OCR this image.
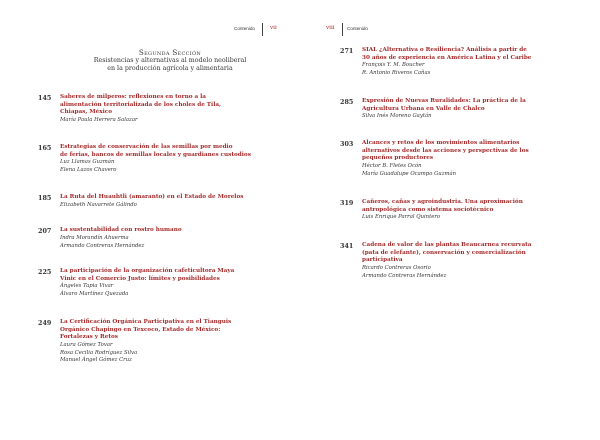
Contenido	vii
Segunda Sección
Resistencias y alternativas al modelo neoliberal
en la producción agrícola y alimentaria
145 Saberes de milperos: reflexiones en torno a la
alimentación territorializada de los choles de Tila,
Chiapas, México
María Paula Herrera Salazar
165 Estrategias de conservación de las semillas por medio
de ferias, bancos de semillas locales y guardianes custodios
Luz Llamas Guzmán
Elena Lazos Chavero
185 La Ruta del Huauhtli (amaranto) en el Estado de Morelos
Elizabeth Navarrete Gálindo
207 La sustentabilidad con rostro humano
Indra Morandín Ahuerma
Armando Contreras Hernández
225 La participación de la organización cafeticultora Maya
Vinic en el Comercio Justo: límites y posibilidades
Ángeles Tapia Vivar
Álvaro Martínez Quezada
249 La Certificación Orgánica Participativa en el Tianguis
Orgánico Chapingo en Texcoco, Estado de México:
Fortalezas y Retos
Laura Gómez Tovar
Rosa Cecilia Rodríguez Silva
Manuel Ángel Gómez Cruz
viii	Contenido
271 SIAL ¿Alternativa o Resiliencia? Análisis a partir de
30 años de experiencia en América Latina y el Caribe
François Y. M. Boucher
R. Antonio Riveros Cañas
285 Expresión de Nuevas Ruralidades: La práctica de la
Agricultura Urbana en Valle de Chalco
Silva Inés Moreno Gaytán
303 Alcances y retos de los movimientos alimentarios
alternativos desde las acciones y perspectivas de los
pequeños productores
Héctor B. Fletes Ocón
María Guadalupe Ocampo Guzmán
319 Cañeros, cañas y agroindustria. Una aproximación
antropológica como sistema sociotécnico
Luis Enrique Parral Quintero
341 Cadena de valor de las plantas Beaucarnea recurvata
(pata de elefante), conservación y comercialización
participativa
Ricardo Contreras Osorio
Armando Contreras Hernández
